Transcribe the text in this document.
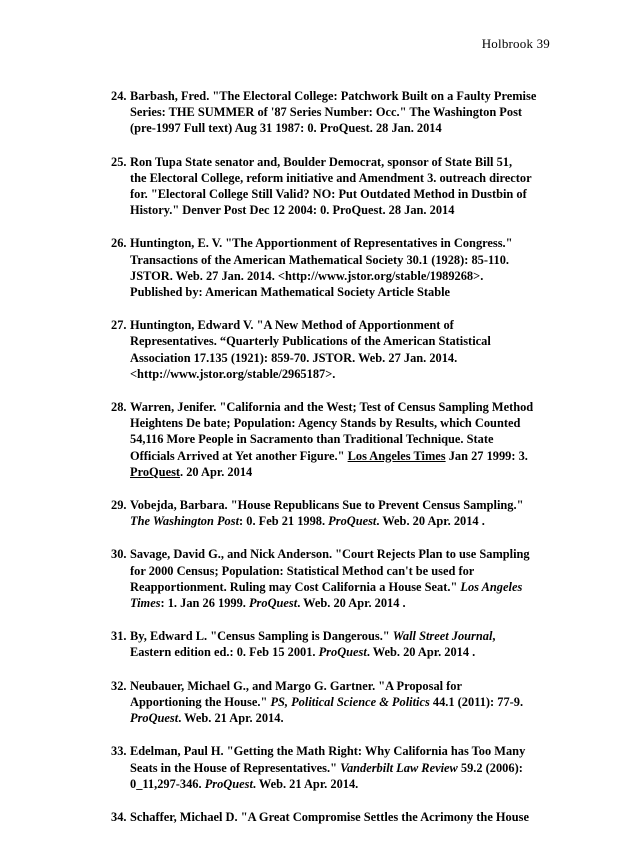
Holbrook 39
24. Barbash, Fred. "The Electoral College: Patchwork Built on a Faulty Premise
Series: THE SUMMER of '87 Series Number: Occ." The Washington Post
(pre-1997 Full text) Aug 31 1987: 0. ProQuest. 28 Jan. 2014
25. Ron Tupa State senator and, Boulder Democrat, sponsor of State Bill 51,
the Electoral College, reform initiative and Amendment 3. outreach director
for. "Electoral College Still Valid? NO: Put Outdated Method in Dustbin of
History." Denver Post Dec 12 2004: 0. ProQuest. 28 Jan. 2014
26. Huntington, E. V. "The Apportionment of Representatives in Congress."
Transactions of the American Mathematical Society 30.1 (1928): 85-110.
JSTOR. Web. 27 Jan. 2014. <http://www.jstor.org/stable/1989268>.
Published by: American Mathematical Society Article Stable
27. Huntington, Edward V. "A New Method of Apportionment of
Representatives. “Quarterly Publications of the American Statistical
Association 17.135 (1921): 859-70. JSTOR. Web. 27 Jan. 2014.
<http://www.jstor.org/stable/2965187>.
28. Warren, Jenifer. "California and the West; Test of Census Sampling Method
Heightens De bate; Population: Agency Stands by Results, which Counted
54,116 More People in Sacramento than Traditional Technique. State
Officials Arrived at Yet another Figure." Los Angeles Times Jan 27 1999: 3.
ProQuest. 20 Apr. 2014
29. Vobejda, Barbara. "House Republicans Sue to Prevent Census Sampling."
The Washington Post: 0. Feb 21 1998. ProQuest. Web. 20 Apr. 2014 .
30. Savage, David G., and Nick Anderson. "Court Rejects Plan to use Sampling
for 2000 Census; Population: Statistical Method can't be used for
Reapportionment. Ruling may Cost California a House Seat." Los Angeles
Times: 1. Jan 26 1999. ProQuest. Web. 20 Apr. 2014 .
31. By, Edward L. "Census Sampling is Dangerous." Wall Street Journal,
Eastern edition ed.: 0. Feb 15 2001. ProQuest. Web. 20 Apr. 2014 .
32. Neubauer, Michael G., and Margo G. Gartner. "A Proposal for
Apportioning the House." PS, Political Science & Politics 44.1 (2011): 77-9.
ProQuest. Web. 21 Apr. 2014.
33. Edelman, Paul H. "Getting the Math Right: Why California has Too Many
Seats in the House of Representatives." Vanderbilt Law Review 59.2 (2006):
0_11,297-346. ProQuest. Web. 21 Apr. 2014.
34. Schaffer, Michael D. "A Great Compromise Settles the Acrimony the House
